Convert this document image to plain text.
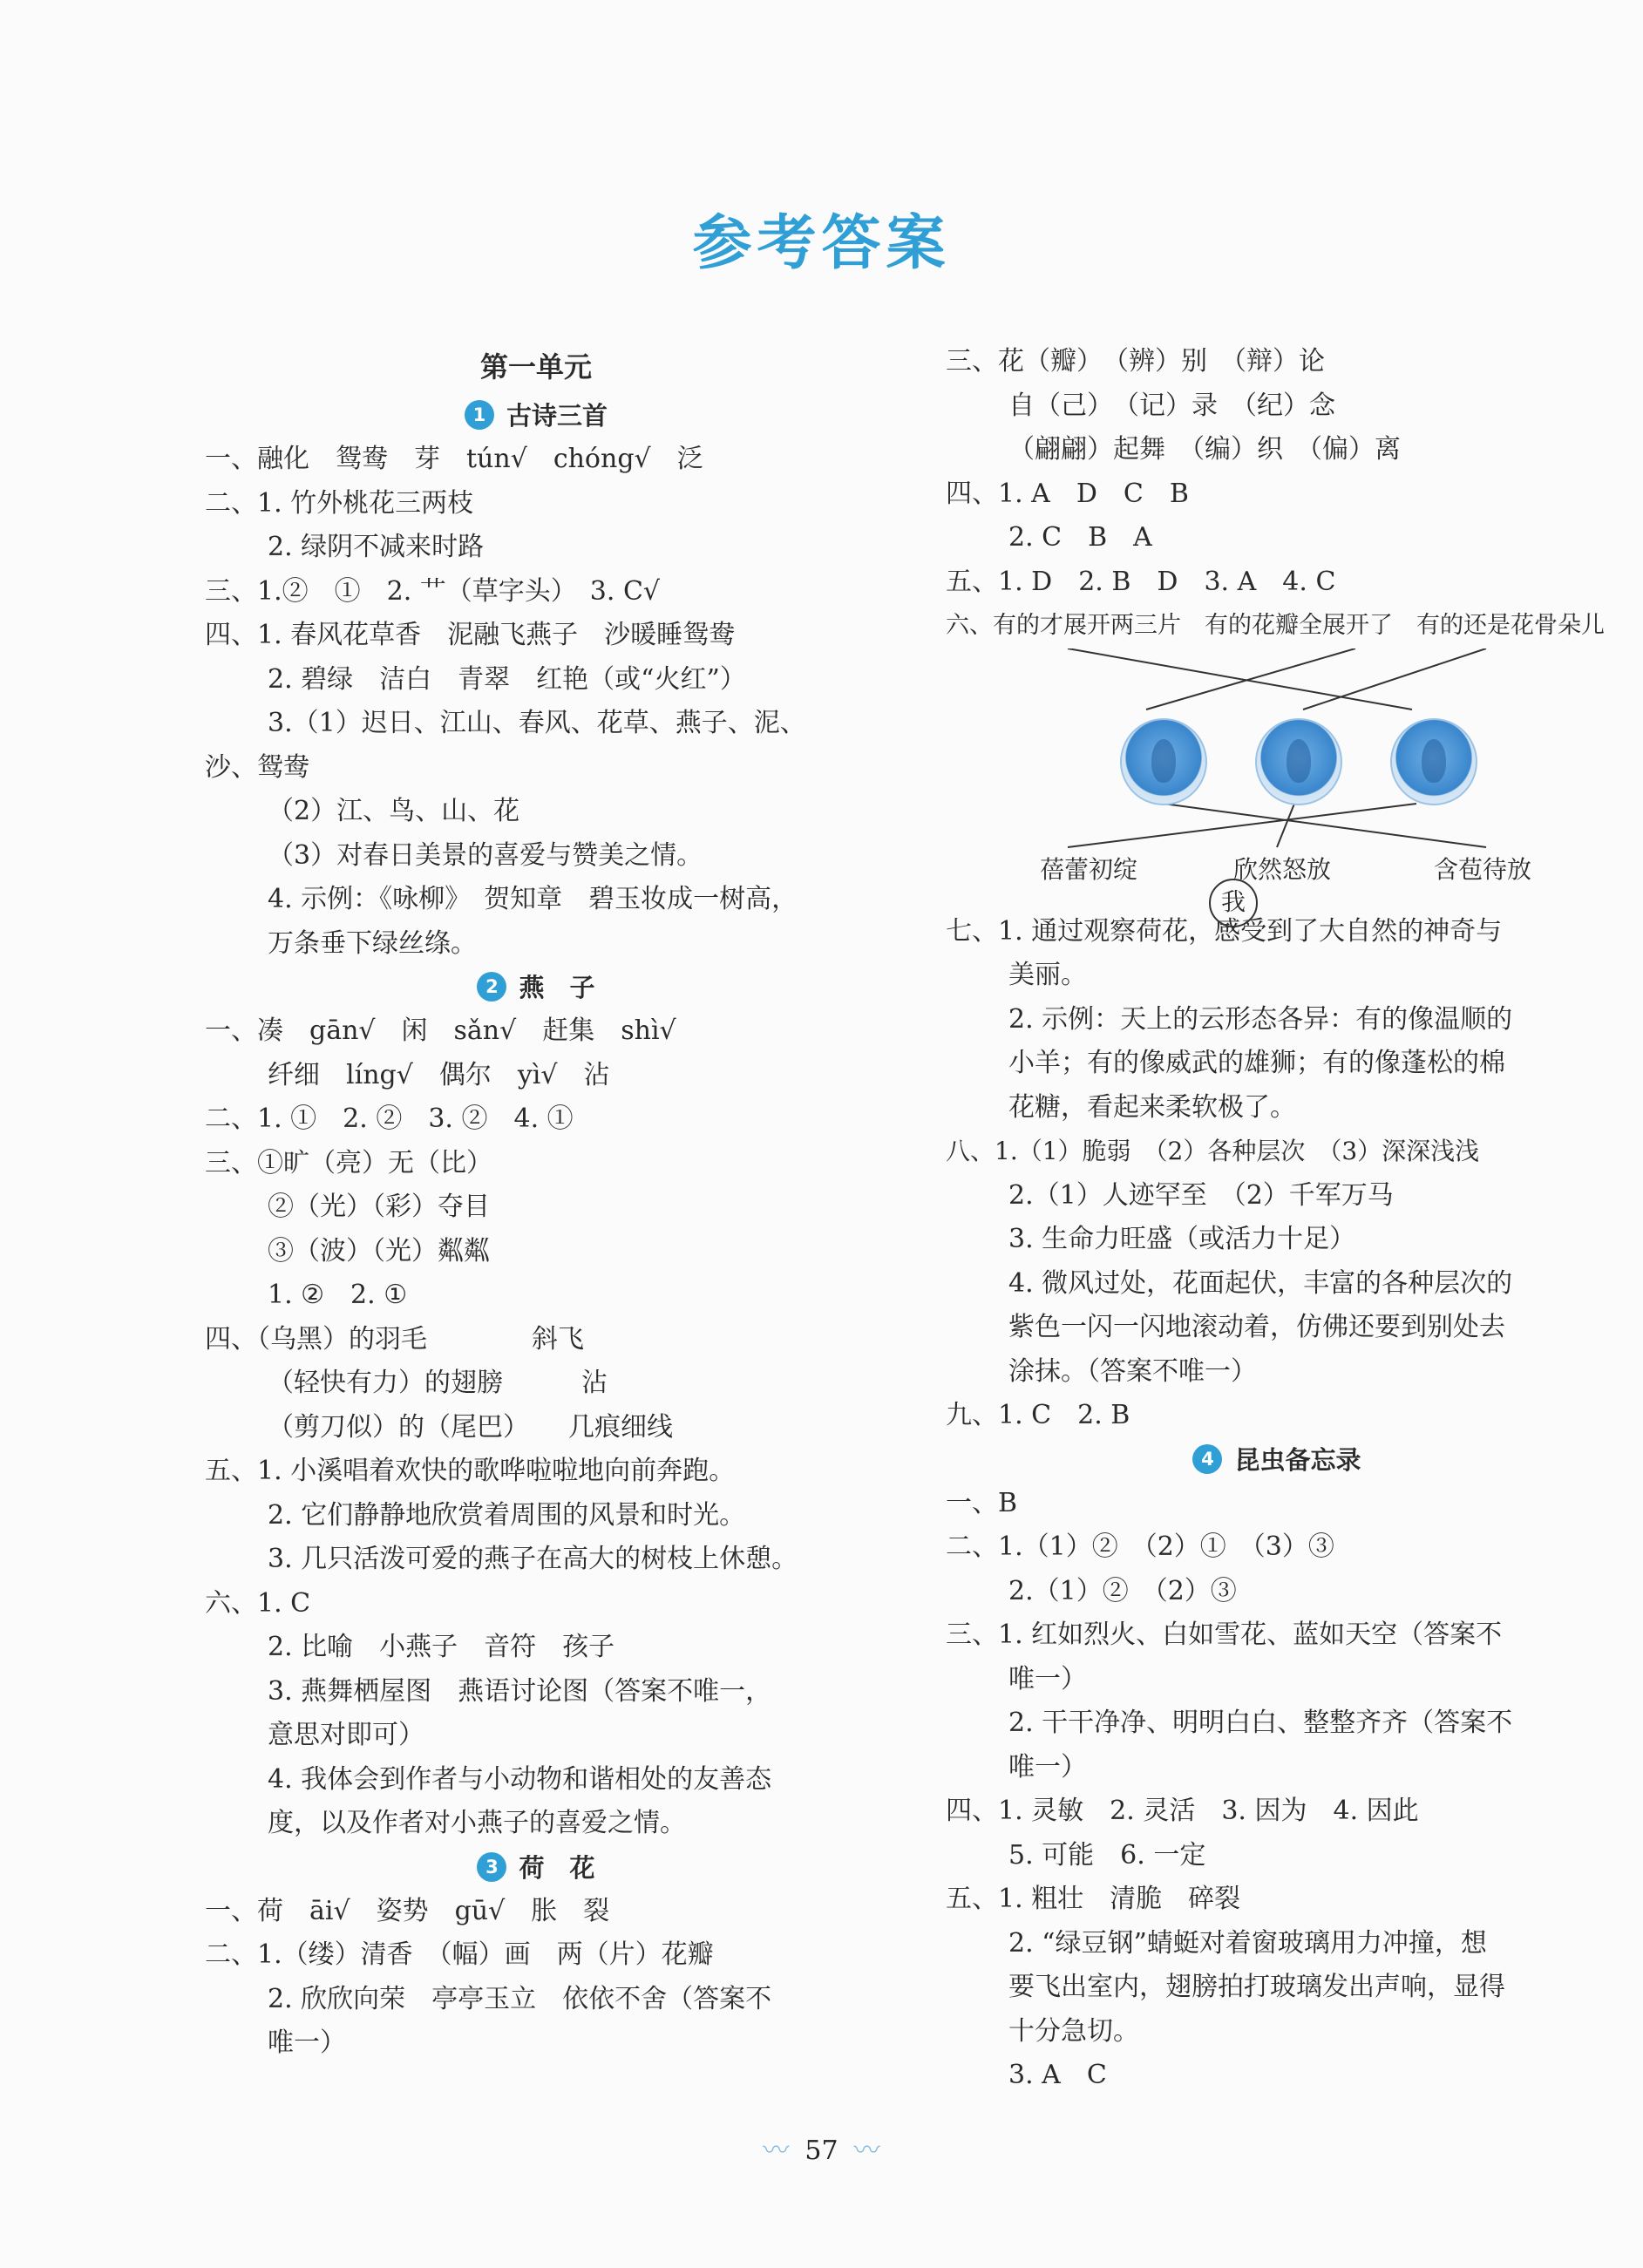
参考答案
第一单元
1 古诗三首
一、融化　鸳鸯　芽　tún√　chóng√　泛
二、1. 竹外桃花三两枝
2. 绿阴不减来时路
三、1.②　①　2. 艹（草字头）　3. C√
四、1. 春风花草香　泥融飞燕子　沙暖睡鸳鸯
2. 碧绿　洁白　青翠　红艳（或“火红”）
3.（1）迟日、江山、春风、花草、燕子、泥、
沙、鸳鸯
（2）江、鸟、山、花
（3）对春日美景的喜爱与赞美之情。
4. 示例：《咏柳》　贺知章　碧玉妆成一树高，
万条垂下绿丝绦。
2 燕　子
一、凑　gān√　闲　sǎn√　赶集　shì√
纤细　líng√　偶尔　yì√　沾
二、1. ①　2. ②　3. ②　4. ①
三、①旷（亮）无（比）
②（光）（彩）夺目
③（波）（光）粼粼
1. ②　2. ①
四、（乌黑）的羽毛　　　　斜飞
（轻快有力）的翅膀　　　沾
（剪刀似）的（尾巴）　　几痕细线
五、1. 小溪唱着欢快的歌哗啦啦地向前奔跑。
2. 它们静静地欣赏着周围的风景和时光。
3. 几只活泼可爱的燕子在高大的树枝上休憩。
六、1. C
2. 比喻　小燕子　音符　孩子
3. 燕舞栖屋图　燕语讨论图（答案不唯一，
意思对即可）
4. 我体会到作者与小动物和谐相处的友善态
度，以及作者对小燕子的喜爱之情。
3 荷　花
一、荷　āi√　姿势　gū√　胀　裂
二、1.（缕）清香　（幅）画　两（片）花瓣
2. 欣欣向荣　亭亭玉立　依依不舍（答案不
唯一）
三、花（瓣）　（辨）别　（辩）论
自（己）　（记）录　（纪）念
（翩翩）起舞　（编）织　（偏）离
四、1. A　D　C　B
2. C　B　A
五、1. D　2. B　D　3. A　4. C
六、有的才展开两三片　有的花瓣全展开了　有的还是花骨朵儿
蓓蕾初绽	欣然怒放	含苞待放
我
七、1. 通过观察荷花，感受到了大自然的神奇与
美丽。
2. 示例：天上的云形态各异：有的像温顺的
小羊；有的像威武的雄狮；有的像蓬松的棉
花糖，看起来柔软极了。
八、1.（1）脆弱　（2）各种层次　（3）深深浅浅
2.（1）人迹罕至　（2）千军万马
3. 生命力旺盛（或活力十足）
4. 微风过处，花面起伏，丰富的各种层次的
紫色一闪一闪地滚动着，仿佛还要到别处去
涂抹。（答案不唯一）
九、1. C　2. B
4 昆虫备忘录
一、B
二、1.（1）②　（2）①　（3）③
2.（1）②　（2）③
三、1. 红如烈火、白如雪花、蓝如天空（答案不
唯一）
2. 干干净净、明明白白、整整齐齐（答案不
唯一）
四、1. 灵敏　2. 灵活　3. 因为　4. 因此
5. 可能　6. 一定
五、1. 粗壮　清脆　碎裂
2. “绿豆钢”蜻蜓对着窗玻璃用力冲撞，想
要飞出室内，翅膀拍打玻璃发出声响，显得
十分急切。
3. A　C
〰 57 〰
